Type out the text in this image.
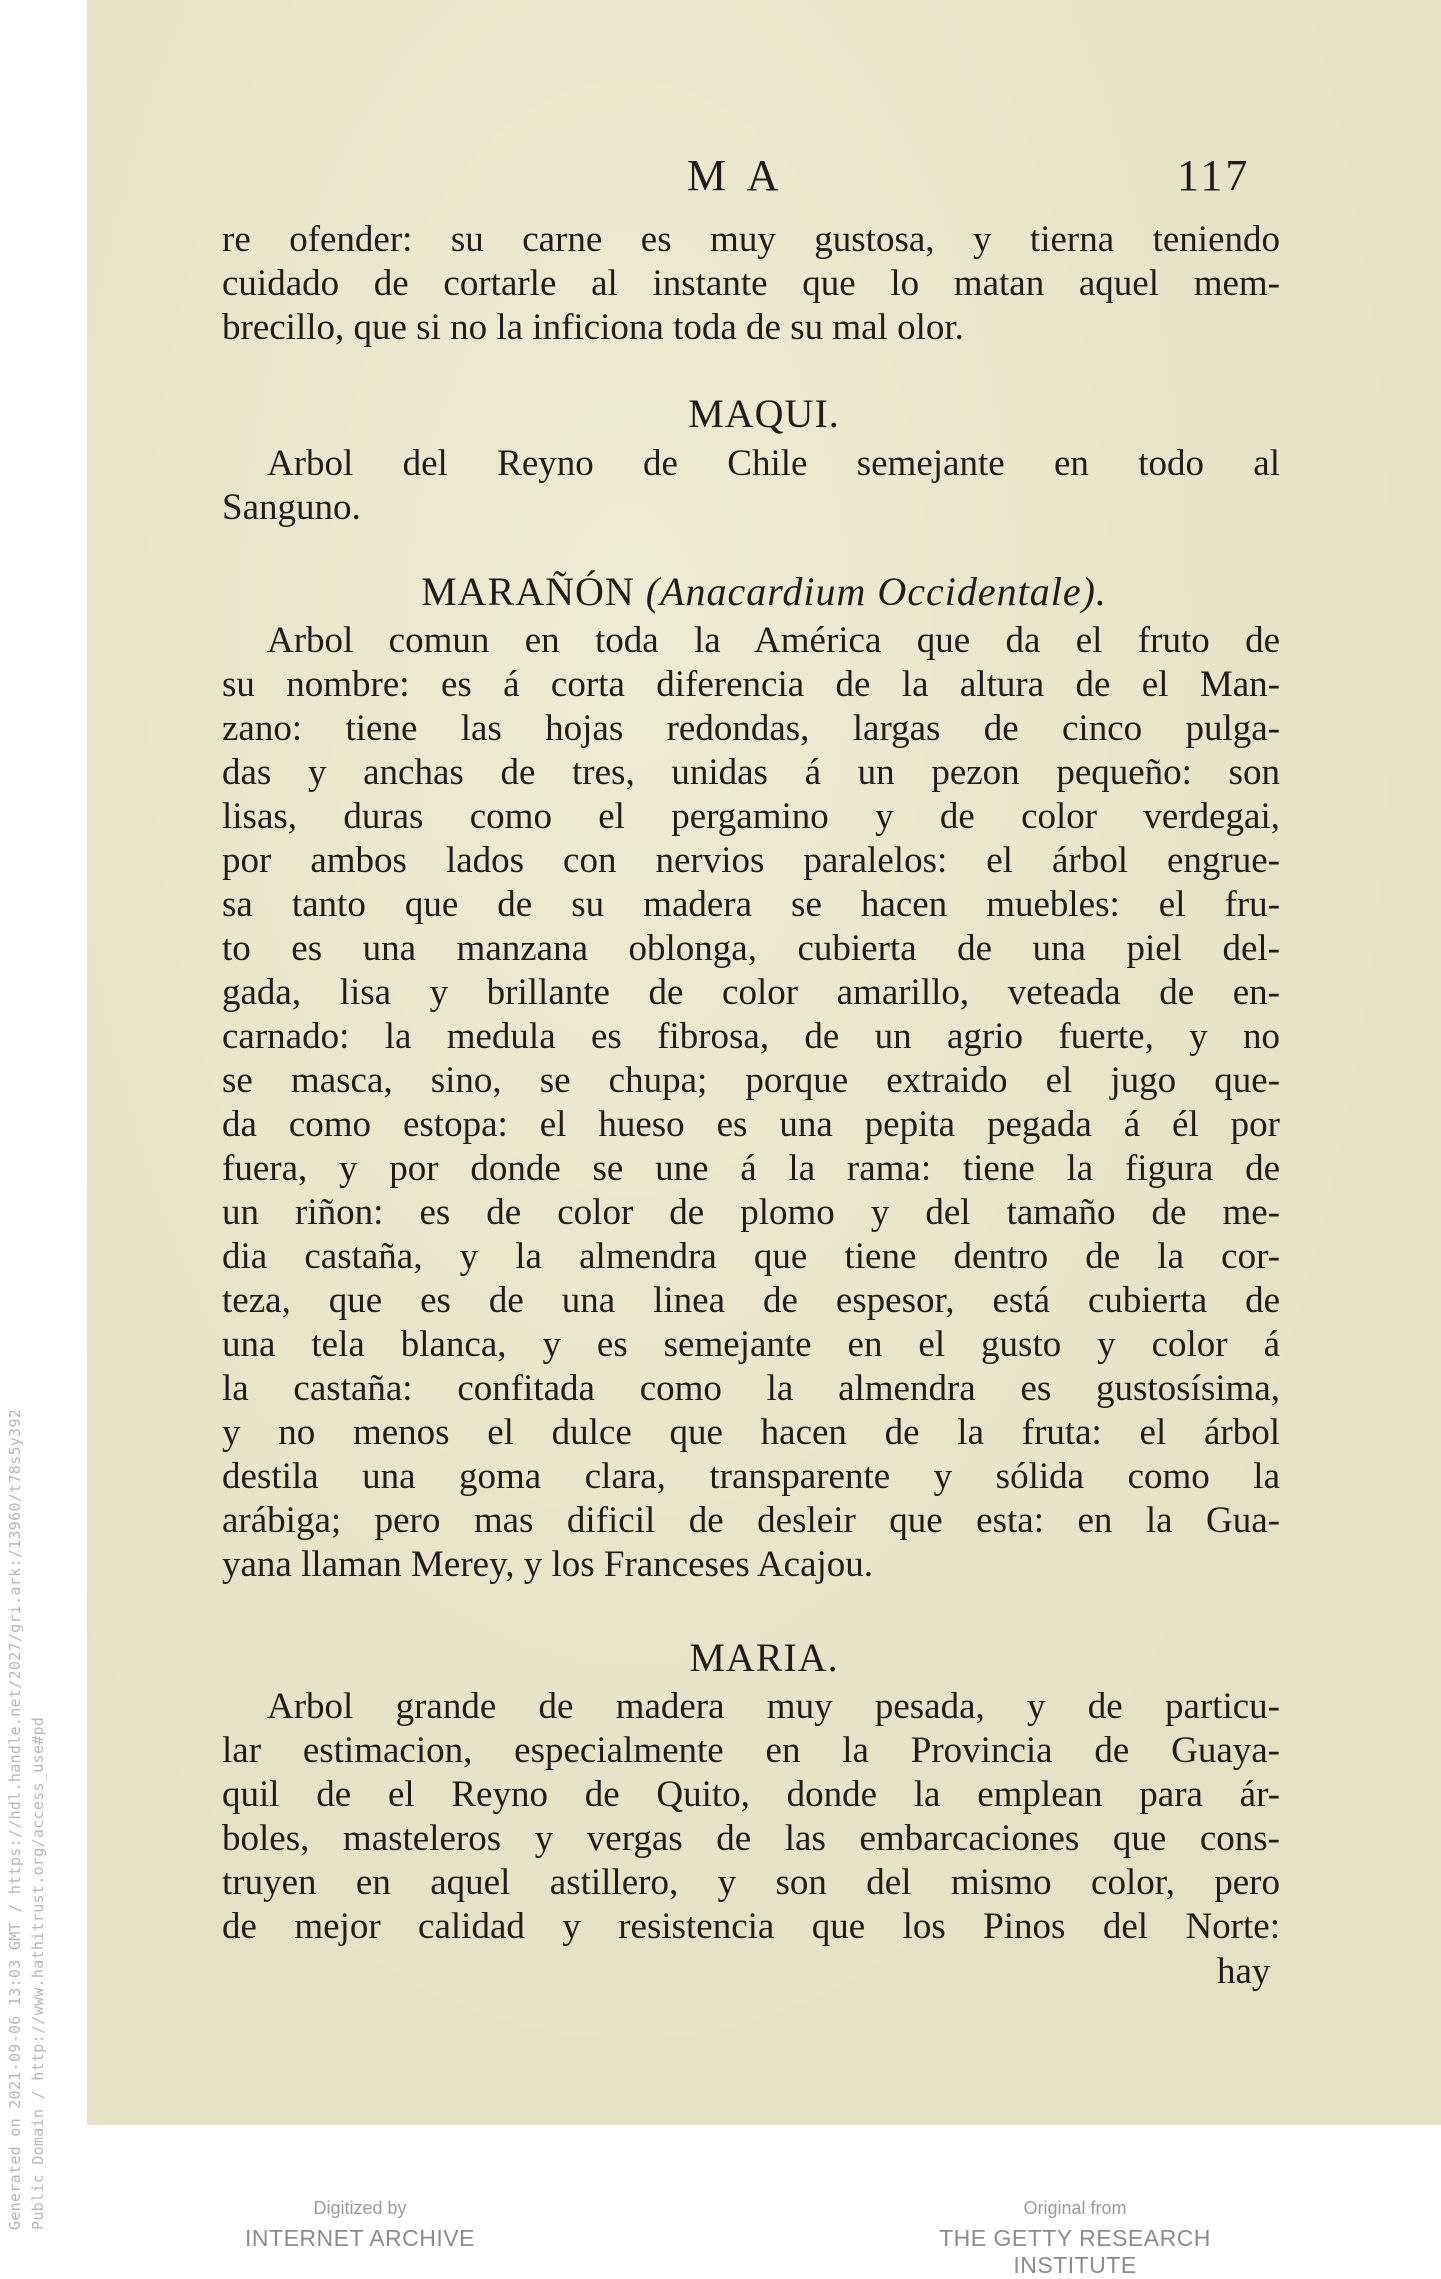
Generated on 2021-09-06 13:03 GMT / https://hdl.handle.net/2027/gri.ark:/13960/t78s5y392 Public Domain / http://www.hathitrust.org/access_use#pd
M A	117
re ofender: su carne es muy gustosa, y tierna teniendo
cuidado de cortarle al instante que lo matan aquel mem-
brecillo, que si no la inficiona toda de su mal olor.
MAQUI.
Arbol del Reyno de Chile semejante en todo al
Sanguno.
MARAÑÓN (Anacardium Occidentale).
Arbol comun en toda la América que da el fruto de
su nombre: es á corta diferencia de la altura de el Man-
zano: tiene las hojas redondas, largas de cinco pulga-
das y anchas de tres, unidas á un pezon pequeño: son
lisas, duras como el pergamino y de color verdegai,
por ambos lados con nervios paralelos: el árbol engrue-
sa tanto que de su madera se hacen muebles: el fru-
to es una manzana oblonga, cubierta de una piel del-
gada, lisa y brillante de color amarillo, veteada de en-
carnado: la medula es fibrosa, de un agrio fuerte, y no
se masca, sino, se chupa; porque extraido el jugo que-
da como estopa: el hueso es una pepita pegada á él por
fuera, y por donde se une á la rama: tiene la figura de
un riñon: es de color de plomo y del tamaño de me-
dia castaña, y la almendra que tiene dentro de la cor-
teza, que es de una linea de espesor, está cubierta de
una tela blanca, y es semejante en el gusto y color á
la castaña: confitada como la almendra es gustosísima,
y no menos el dulce que hacen de la fruta: el árbol
destila una goma clara, transparente y sólida como la
arábiga; pero mas dificil de desleir que esta: en la Gua-
yana llaman Merey, y los Franceses Acajou.
MARIA.
Arbol grande de madera muy pesada, y de particu-
lar estimacion, especialmente en la Provincia de Guaya-
quil de el Reyno de Quito, donde la emplean para ár-
boles, masteleros y vergas de las embarcaciones que cons-
truyen en aquel astillero, y son del mismo color, pero
de mejor calidad y resistencia que los Pinos del Norte:
hay
Digitized by
INTERNET ARCHIVE
Original from
THE GETTY RESEARCH INSTITUTE
